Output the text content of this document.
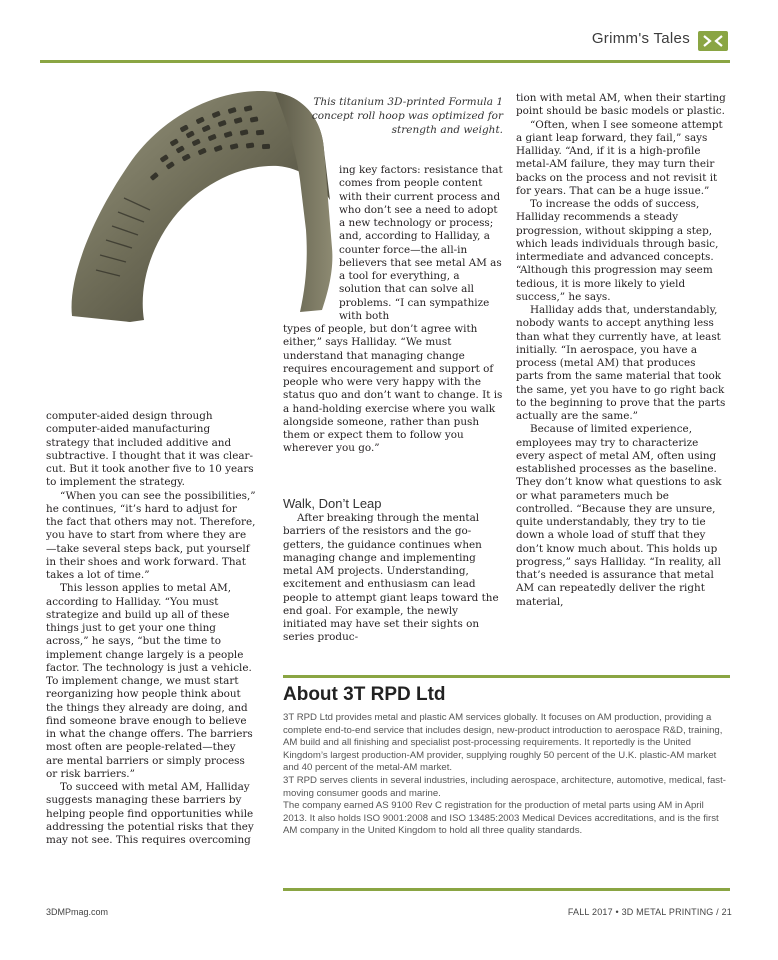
Grimm's Tales
This titanium 3D-printed Formula 1 concept roll hoop was optimized for strength and weight.

computer-aided design through computer-aided manufacturing strategy that included additive and subtractive. I thought that it was clear-cut. But it took another five to 10 years to implement the strategy.

“When you can see the possibilities,” he continues, “it’s hard to adjust for the fact that others may not. Therefore, you have to start from where they are—take several steps back, put yourself in their shoes and work forward. That takes a lot of time.”

This lesson applies to metal AM, according to Halliday. “You must strategize and build up all of these things just to get your one thing across,” he says, “but the time to implement change largely is a people factor. The technology is just a vehicle. To implement change, we must start reorganizing how people think about the things they already are doing, and find someone brave enough to believe in what the change offers. The barriers most often are people-related—they are mental barriers or simply process or risk barriers.”

To succeed with metal AM, Halliday suggests managing these barriers by helping people find opportunities while addressing the potential risks that they may not see. This requires overcoming

ing key factors: resistance that comes from people content with their current process and who don’t see a need to adopt a new technology or process; and, according to Halliday, a counter force—the all-in believers that see metal AM as a tool for everything, a solution that can solve all problems. “I can sympathize with both

types of people, but don’t agree with either,” says Halliday. “We must understand that managing change requires encouragement and support of people who were very happy with the status quo and don’t want to change. It is a hand-holding exercise where you walk alongside someone, rather than push them or expect them to follow you wherever you go.”

Walk, Don’t Leap

After breaking through the mental barriers of the resistors and the go-getters, the guidance continues when managing change and implementing metal AM projects. Understanding, excitement and enthusiasm can lead people to attempt giant leaps toward the end goal. For example, the newly initiated may have set their sights on series produc-

tion with metal AM, when their starting point should be basic models or plastic.

“Often, when I see someone attempt a giant leap forward, they fail,” says Halliday. “And, if it is a high-profile metal-AM failure, they may turn their backs on the process and not revisit it for years. That can be a huge issue.”

To increase the odds of success, Halliday recommends a steady progression, without skipping a step, which leads individuals through basic, intermediate and advanced concepts. “Although this progression may seem tedious, it is more likely to yield success,” he says.

Halliday adds that, understandably, nobody wants to accept anything less than what they currently have, at least initially. “In aerospace, you have a process (metal AM) that produces parts from the same material that took the same, yet you have to go right back to the beginning to prove that the parts actually are the same.”

Because of limited experience, employees may try to characterize every aspect of metal AM, often using established processes as the baseline. They don’t know what questions to ask or what parameters much be controlled. “Because they are unsure, quite understandably, they try to tie down a whole load of stuff that they don’t know much about. This holds up progress,” says Halliday. “In reality, all that’s needed is assurance that metal AM can repeatedly deliver the right material,

About 3T RPD Ltd

3T RPD Ltd provides metal and plastic AM services globally. It focuses on AM production, providing a complete end-to-end service that includes design, new-product introduction to aerospace R&D, training, AM build and all finishing and specialist post-processing requirements. It reportedly is the United Kingdom’s largest production-AM provider, supplying roughly 50 percent of the U.K. plastic-AM market and 40 percent of the metal-AM market.

3T RPD serves clients in several industries, including aerospace, architecture, automotive, medical, fast-moving consumer goods and marine.

The company earned AS 9100 Rev C registration for the production of metal parts using AM in April 2013. It also holds ISO 9001:2008 and ISO 13485:2003 Medical Devices accreditations, and is the first AM company in the United Kingdom to hold all three quality standards.

3DMPmag.com	FALL 2017 • 3D METAL PRINTING / 21
